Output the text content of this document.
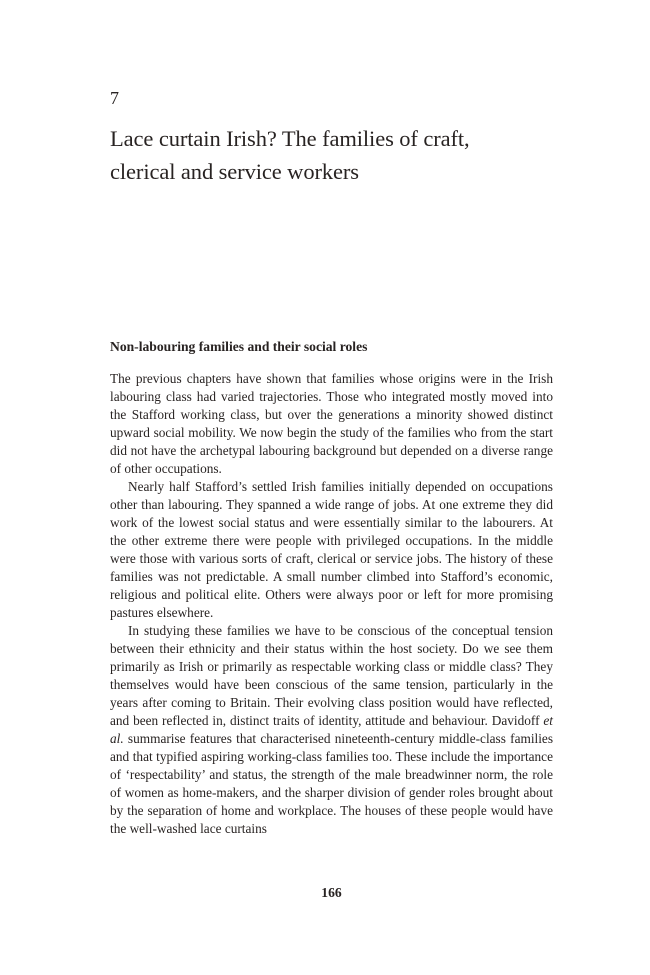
7
Lace curtain Irish? The families of craft,
clerical and service workers
Non-labouring families and their social roles

The previous chapters have shown that families whose origins were in the Irish labouring class had varied trajectories. Those who integrated mostly moved into the Stafford working class, but over the generations a minority showed distinct upward social mobility. We now begin the study of the families who from the start did not have the archetypal labouring background but depended on a diverse range of other occupations.

Nearly half Stafford’s settled Irish families initially depended on occupations other than labouring. They spanned a wide range of jobs. At one extreme they did work of the lowest social status and were essentially similar to the labourers. At the other extreme there were people with privileged occupations. In the middle were those with various sorts of craft, clerical or service jobs. The history of these families was not predictable. A small number climbed into Stafford’s economic, religious and political elite. Others were always poor or left for more promising pastures elsewhere.

In studying these families we have to be conscious of the conceptual tension between their ethnicity and their status within the host society. Do we see them primarily as Irish or primarily as respectable working class or middle class? They themselves would have been conscious of the same tension, particularly in the years after coming to Britain. Their evolving class position would have reflected, and been reflected in, distinct traits of identity, attitude and behaviour. Davidoff et al. summarise features that characterised nineteenth-century middle-class families and that typified aspiring working-class families too. These include the importance of ‘respectability’ and status, the strength of the male breadwinner norm, the role of women as home-makers, and the sharper division of gender roles brought about by the separation of home and workplace. The houses of these people would have the well-washed lace curtains

166
